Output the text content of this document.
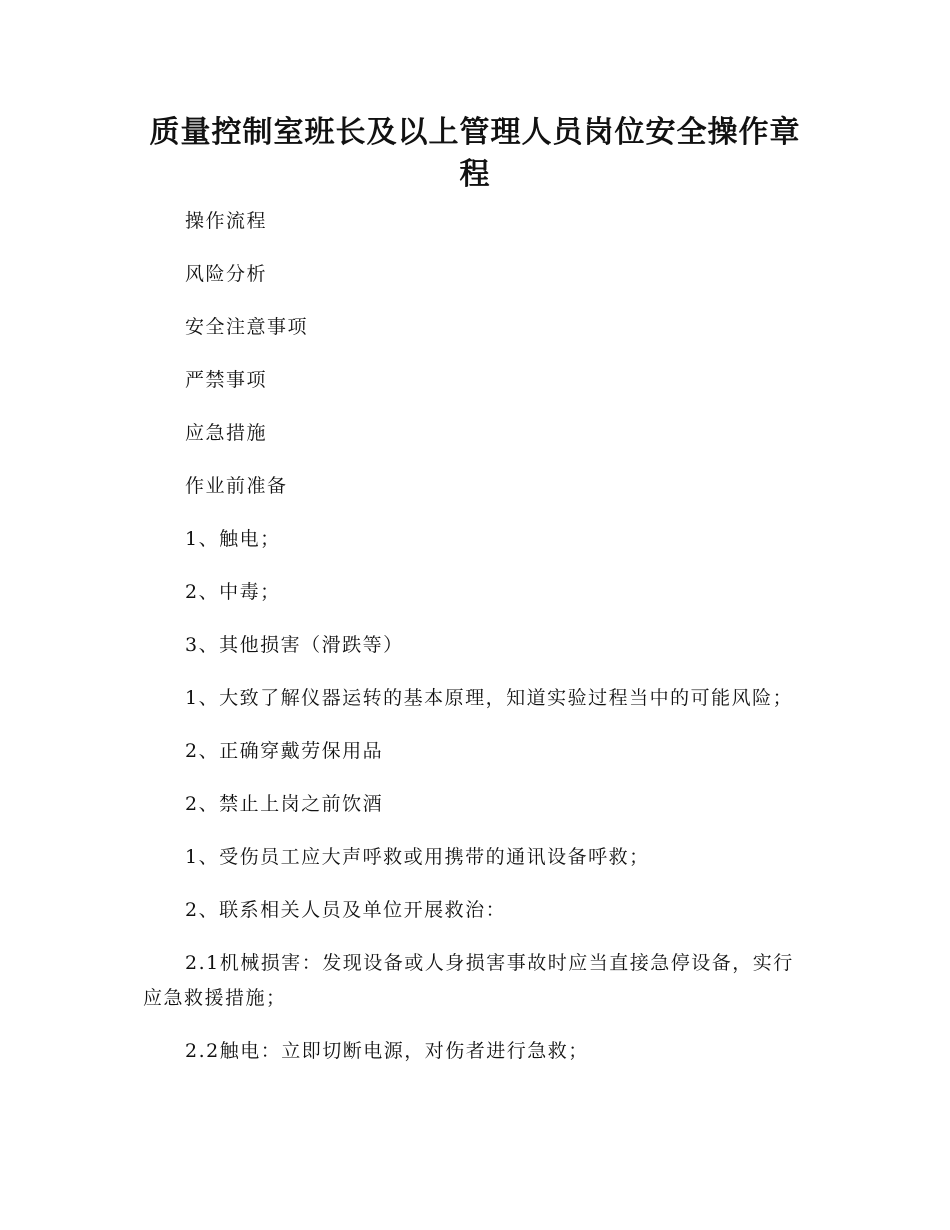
质量控制室班长及以上管理人员岗位安全操作章程

操作流程

风险分析

安全注意事项

严禁事项

应急措施

作业前准备

1、触电；

2、中毒；

3、其他损害（滑跌等）

1、大致了解仪器运转的基本原理，知道实验过程当中的可能风险；

2、正确穿戴劳保用品

2、禁止上岗之前饮酒

1、受伤员工应大声呼救或用携带的通讯设备呼救；

2、联系相关人员及单位开展救治：

2.1机械损害：发现设备或人身损害事故时应当直接急停设备，实行应急救援措施；

2.2触电：立即切断电源，对伤者进行急救；
